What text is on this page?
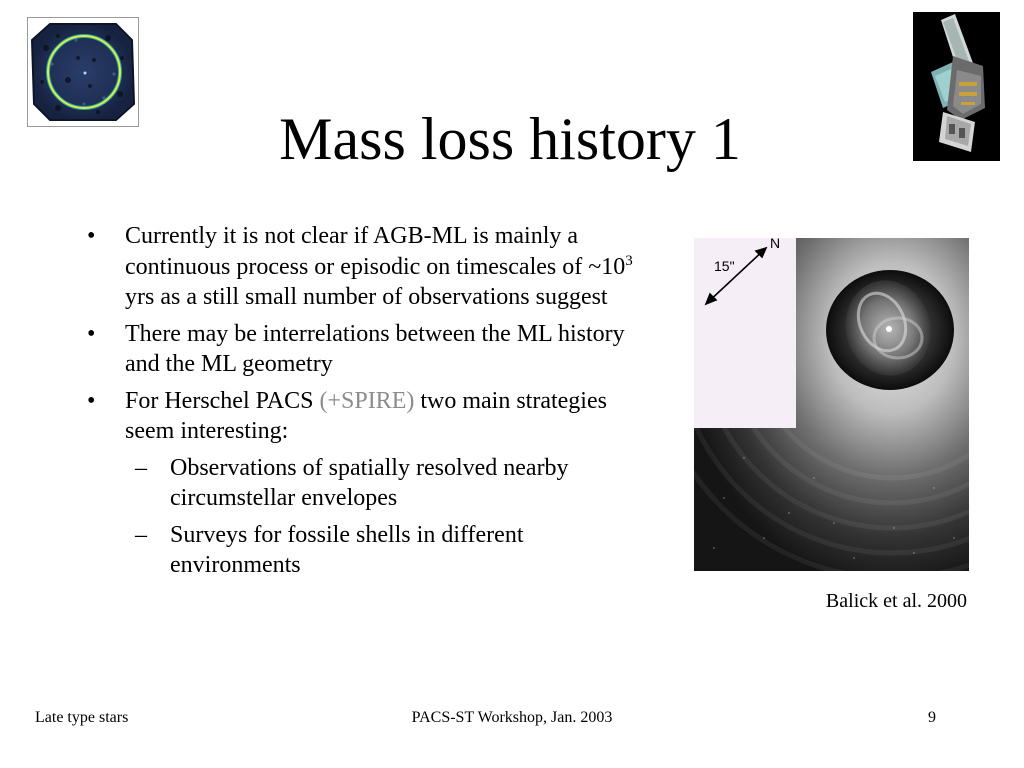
Mass loss history 1
• Currently it is not clear if AGB-ML is mainly a continuous process or episodic on timescales of $\sim 10^3$ yrs as a still small number of observations suggest
• There may be interrelations between the ML history and the ML geometry
• For Herschel PACS (+SPIRE) two main strategies seem interesting:
– Observations of spatially resolved nearby circumstellar envelopes
– Surveys for fossile shells in different environments
15"
N
Balick et al. 2000
Late type stars	PACS-ST Workshop, Jan. 2003	9
